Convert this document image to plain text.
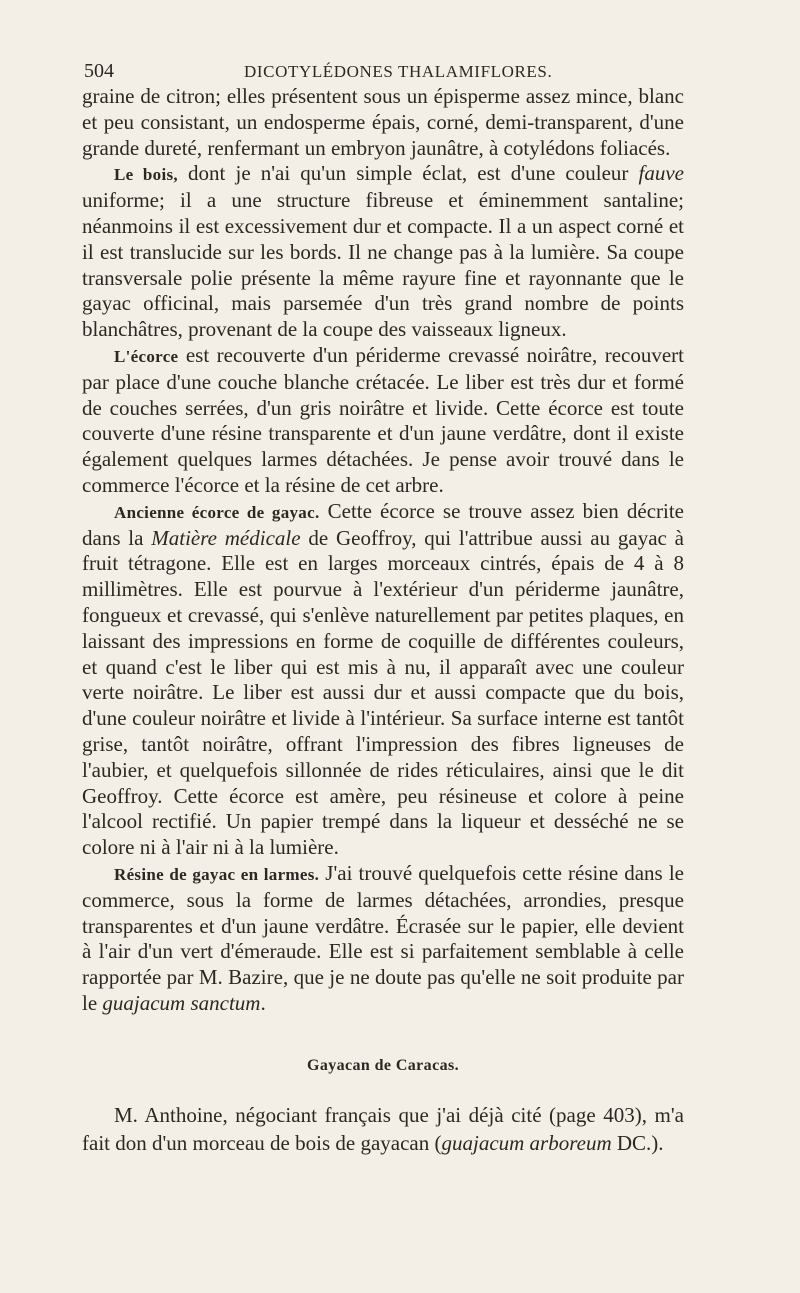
504	DICOTYLÉDONES THALAMIFLORES.

graine de citron; elles présentent sous un épisperme assez mince, blanc et peu consistant, un endosperme épais, corné, demi-transparent, d'une grande dureté, renfermant un embryon jaunâtre, à cotylédons foliacés.

Le bois, dont je n'ai qu'un simple éclat, est d'une couleur fauve uniforme; il a une structure fibreuse et éminemment santaline; néanmoins il est excessivement dur et compacte. Il a un aspect corné et il est translucide sur les bords. Il ne change pas à la lumière. Sa coupe transversale polie présente la même rayure fine et rayonnante que le gayac officinal, mais parsemée d'un très grand nombre de points blanchâtres, provenant de la coupe des vaisseaux ligneux.

L'écorce est recouverte d'un périderme crevassé noirâtre, recouvert par place d'une couche blanche crétacée. Le liber est très dur et formé de couches serrées, d'un gris noirâtre et livide. Cette écorce est toute couverte d'une résine transparente et d'un jaune verdâtre, dont il existe également quelques larmes détachées. Je pense avoir trouvé dans le commerce l'écorce et la résine de cet arbre.

Ancienne écorce de gayac. Cette écorce se trouve assez bien décrite dans la Matière médicale de Geoffroy, qui l'attribue aussi au gayac à fruit tétragone. Elle est en larges morceaux cintrés, épais de 4 à 8 millimètres. Elle est pourvue à l'extérieur d'un périderme jaunâtre, fongueux et crevassé, qui s'enlève naturellement par petites plaques, en laissant des impressions en forme de coquille de différentes couleurs, et quand c'est le liber qui est mis à nu, il apparaît avec une couleur verte noirâtre. Le liber est aussi dur et aussi compacte que du bois, d'une couleur noirâtre et livide à l'intérieur. Sa surface interne est tantôt grise, tantôt noirâtre, offrant l'impression des fibres ligneuses de l'aubier, et quelquefois sillonnée de rides réticulaires, ainsi que le dit Geoffroy. Cette écorce est amère, peu résineuse et colore à peine l'alcool rectifié. Un papier trempé dans la liqueur et desséché ne se colore ni à l'air ni à la lumière.

Résine de gayac en larmes. J'ai trouvé quelquefois cette résine dans le commerce, sous la forme de larmes détachées, arrondies, presque transparentes et d'un jaune verdâtre. Écrasée sur le papier, elle devient à l'air d'un vert d'émeraude. Elle est si parfaitement semblable à celle rapportée par M. Bazire, que je ne doute pas qu'elle ne soit produite par le guajacum sanctum.

Gayacan de Caracas.

M. Anthoine, négociant français que j'ai déjà cité (page 403), m'a fait don d'un morceau de bois de gayacan (guajacum arboreum DC.).
